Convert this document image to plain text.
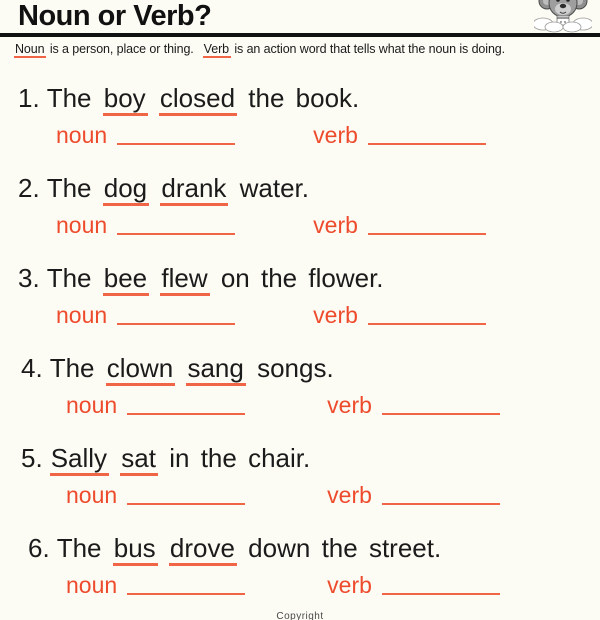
Noun or Verb?

Noun is a person, place or thing. Verb is an action word that tells what the noun is doing.

1. The boy closed the book.
noun	verb
2. The dog drank water.
noun	verb
3. The bee flew on the flower.
noun	verb
4. The clown sang songs.
noun	verb
5. Sally sat in the chair.
noun	verb
6. The bus drove down the street.
noun	verb
Copyright
